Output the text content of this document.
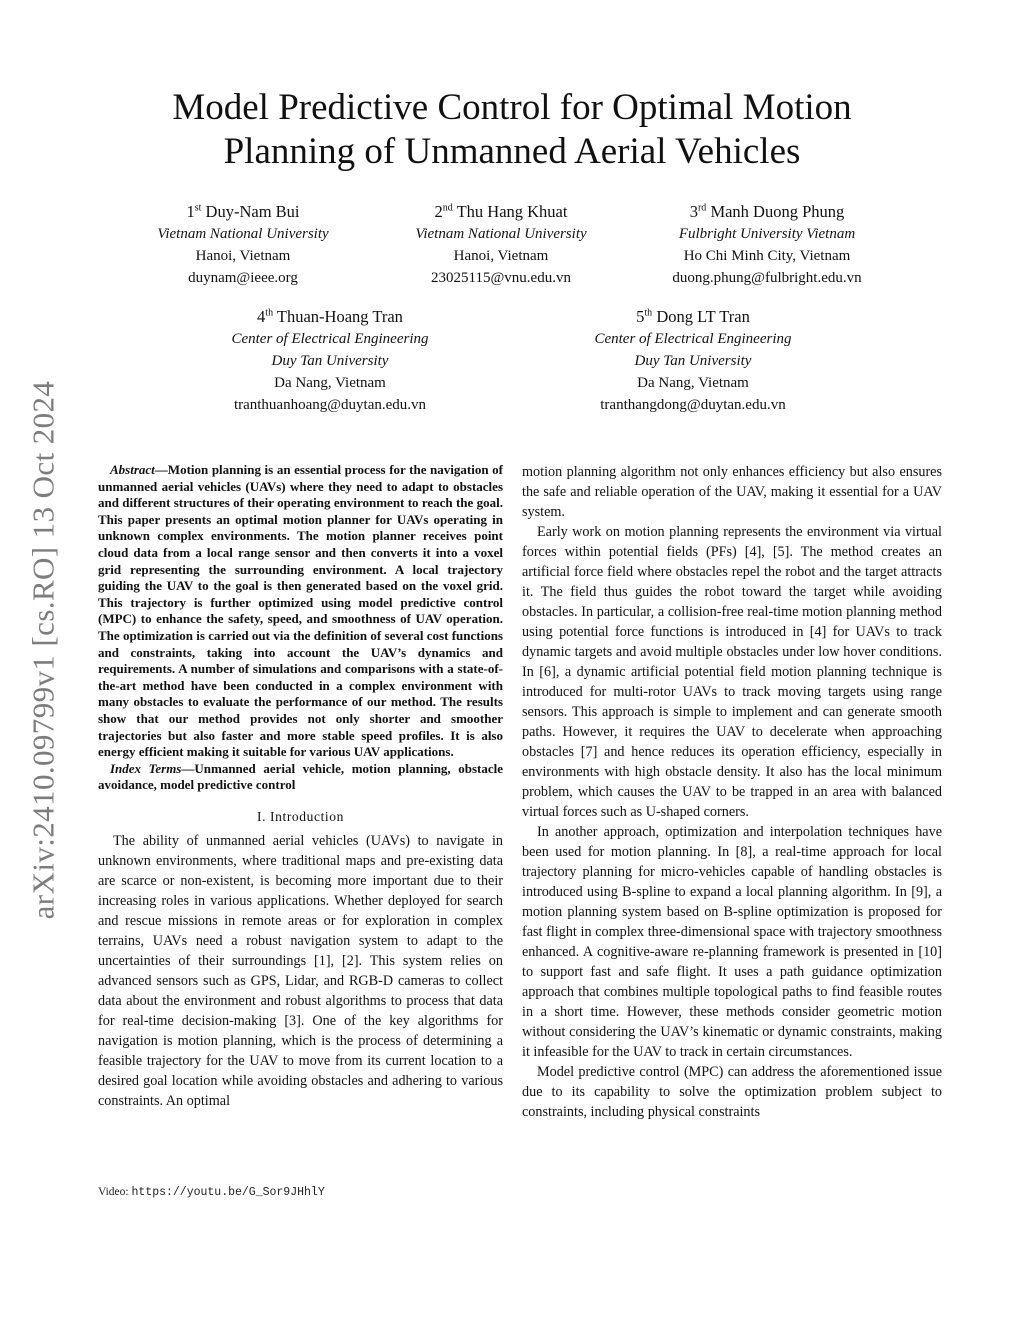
arXiv:2410.09799v1 [cs.RO] 13 Oct 2024
Model Predictive Control for Optimal Motion
Planning of Unmanned Aerial Vehicles
1st Duy-Nam Bui
Vietnam National University
Hanoi, Vietnam
duynam@ieee.org
2nd Thu Hang Khuat
Vietnam National University
Hanoi, Vietnam
23025115@vnu.edu.vn
3rd Manh Duong Phung
Fulbright University Vietnam
Ho Chi Minh City, Vietnam
duong.phung@fulbright.edu.vn
4th Thuan-Hoang Tran
Center of Electrical Engineering
Duy Tan University
Da Nang, Vietnam
tranthuanhoang@duytan.edu.vn
5th Dong LT Tran
Center of Electrical Engineering
Duy Tan University
Da Nang, Vietnam
tranthangdong@duytan.edu.vn

Abstract—Motion planning is an essential process for the navigation of unmanned aerial vehicles (UAVs) where they need to adapt to obstacles and different structures of their operating environment to reach the goal. This paper presents an optimal motion planner for UAVs operating in unknown complex environments. The motion planner receives point cloud data from a local range sensor and then converts it into a voxel grid representing the surrounding environment. A local trajectory guiding the UAV to the goal is then generated based on the voxel grid. This trajectory is further optimized using model predictive control (MPC) to enhance the safety, speed, and smoothness of UAV operation. The optimization is carried out via the definition of several cost functions and constraints, taking into account the UAV’s dynamics and requirements. A number of simulations and comparisons with a state-of-the-art method have been conducted in a complex environment with many obstacles to evaluate the performance of our method. The results show that our method provides not only shorter and smoother trajectories but also faster and more stable speed profiles. It is also energy efficient making it suitable for various UAV applications.

Index Terms—Unmanned aerial vehicle, motion planning, obstacle avoidance, model predictive control

I. Introduction

The ability of unmanned aerial vehicles (UAVs) to navigate in unknown environments, where traditional maps and pre-existing data are scarce or non-existent, is becoming more important due to their increasing roles in various applications. Whether deployed for search and rescue missions in remote areas or for exploration in complex terrains, UAVs need a robust navigation system to adapt to the uncertainties of their surroundings [1], [2]. This system relies on advanced sensors such as GPS, Lidar, and RGB-D cameras to collect data about the environment and robust algorithms to process that data for real-time decision-making [3]. One of the key algorithms for navigation is motion planning, which is the process of determining a feasible trajectory for the UAV to move from its current location to a desired goal location while avoiding obstacles and adhering to various constraints. An optimal

motion planning algorithm not only enhances efficiency but also ensures the safe and reliable operation of the UAV, making it essential for a UAV system.

Early work on motion planning represents the environment via virtual forces within potential fields (PFs) [4], [5]. The method creates an artificial force field where obstacles repel the robot and the target attracts it. The field thus guides the robot toward the target while avoiding obstacles. In particular, a collision-free real-time motion planning method using potential force functions is introduced in [4] for UAVs to track dynamic targets and avoid multiple obstacles under low hover conditions. In [6], a dynamic artificial potential field motion planning technique is introduced for multi-rotor UAVs to track moving targets using range sensors. This approach is simple to implement and can generate smooth paths. However, it requires the UAV to decelerate when approaching obstacles [7] and hence reduces its operation efficiency, especially in environments with high obstacle density. It also has the local minimum problem, which causes the UAV to be trapped in an area with balanced virtual forces such as U-shaped corners.

In another approach, optimization and interpolation techniques have been used for motion planning. In [8], a real-time approach for local trajectory planning for micro-vehicles capable of handling obstacles is introduced using B-spline to expand a local planning algorithm. In [9], a motion planning system based on B-spline optimization is proposed for fast flight in complex three-dimensional space with trajectory smoothness enhanced. A cognitive-aware re-planning framework is presented in [10] to support fast and safe flight. It uses a path guidance optimization approach that combines multiple topological paths to find feasible routes in a short time. However, these methods consider geometric motion without considering the UAV’s kinematic or dynamic constraints, making it infeasible for the UAV to track in certain circumstances.

Model predictive control (MPC) can address the aforementioned issue due to its capability to solve the optimization problem subject to constraints, including physical constraints

Video: https://youtu.be/G_Sor9JHhlY
